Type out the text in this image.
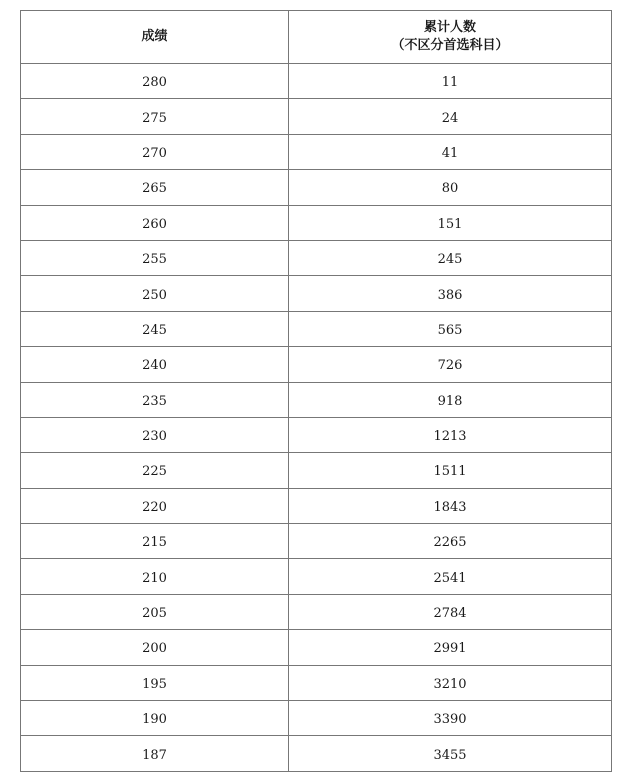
成绩	累计人数
（不区分首选科目）

280	11
275	24
270	41
265	80
260	151
255	245
250	386
245	565
240	726
235	918
230	1213
225	1511
220	1843
215	2265
210	2541
205	2784
200	2991
195	3210
190	3390
187	3455
